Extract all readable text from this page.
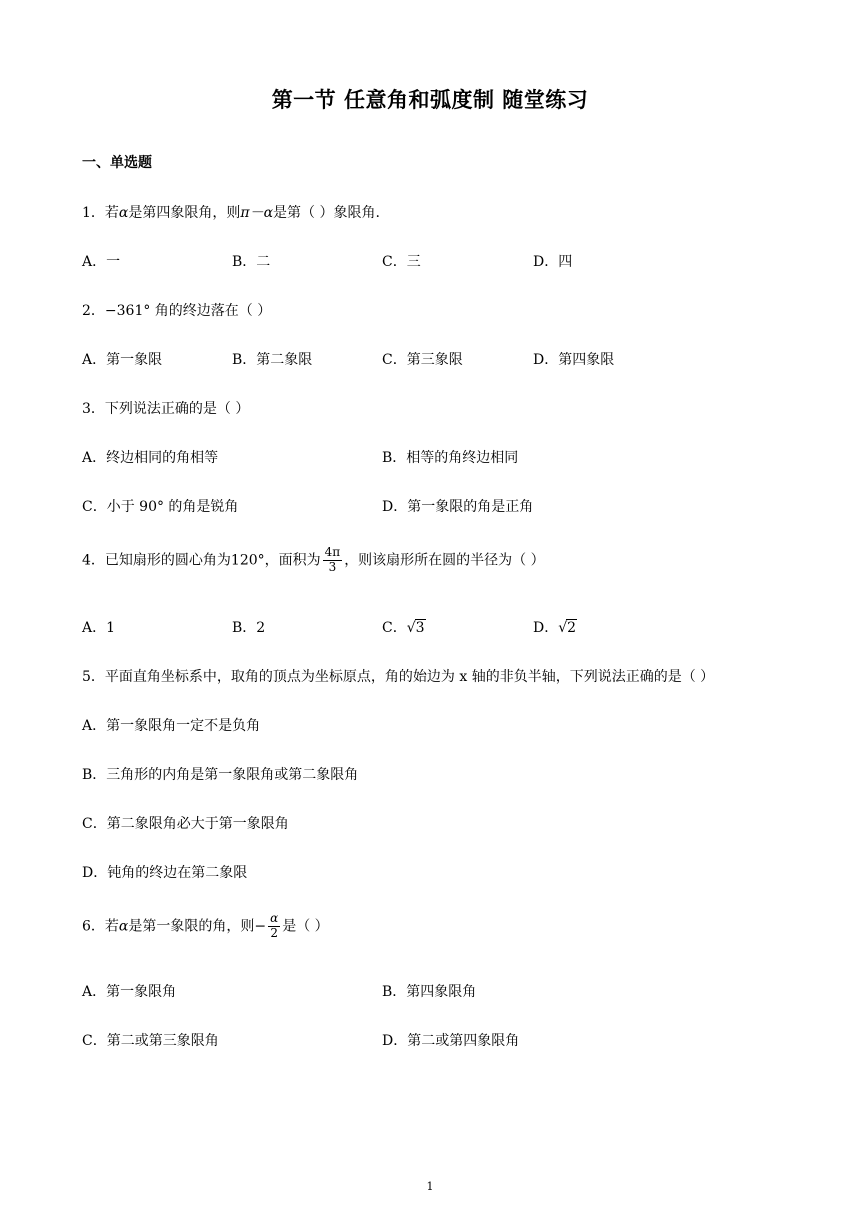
第一节 任意角和弧度制 随堂练习
一、单选题
1．若α是第四象限角，则π－α是第（ ）象限角.
A．一	B．二	C．三	D．四
2．−361° 角的终边落在（ ）
A．第一象限	B．第二象限	C．第三象限	D．第四象限
3．下列说法正确的是（ ）
A．终边相同的角相等	B．相等的角终边相同
C．小于 90° 的角是锐角	D．第一象限的角是正角
4．已知扇形的圆心角为120°，面积为 $\frac{4\pi}{3}$ ，则该扇形所在圆的半径为（ ）
A．1	B．2	C．√3	D．√2
5．平面直角坐标系中，取角的顶点为坐标原点，角的始边为 x 轴的非负半轴，下列说法正确的是（ ）
A．第一象限角一定不是负角
B．三角形的内角是第一象限角或第二象限角
C．第二象限角必大于第一象限角
D．钝角的终边在第二象限
6．若α是第一象限的角，则− $\frac{\alpha}{2}$ 是（ ）
A．第一象限角	B．第四象限角
C．第二或第三象限角	D．第二或第四象限角
1
